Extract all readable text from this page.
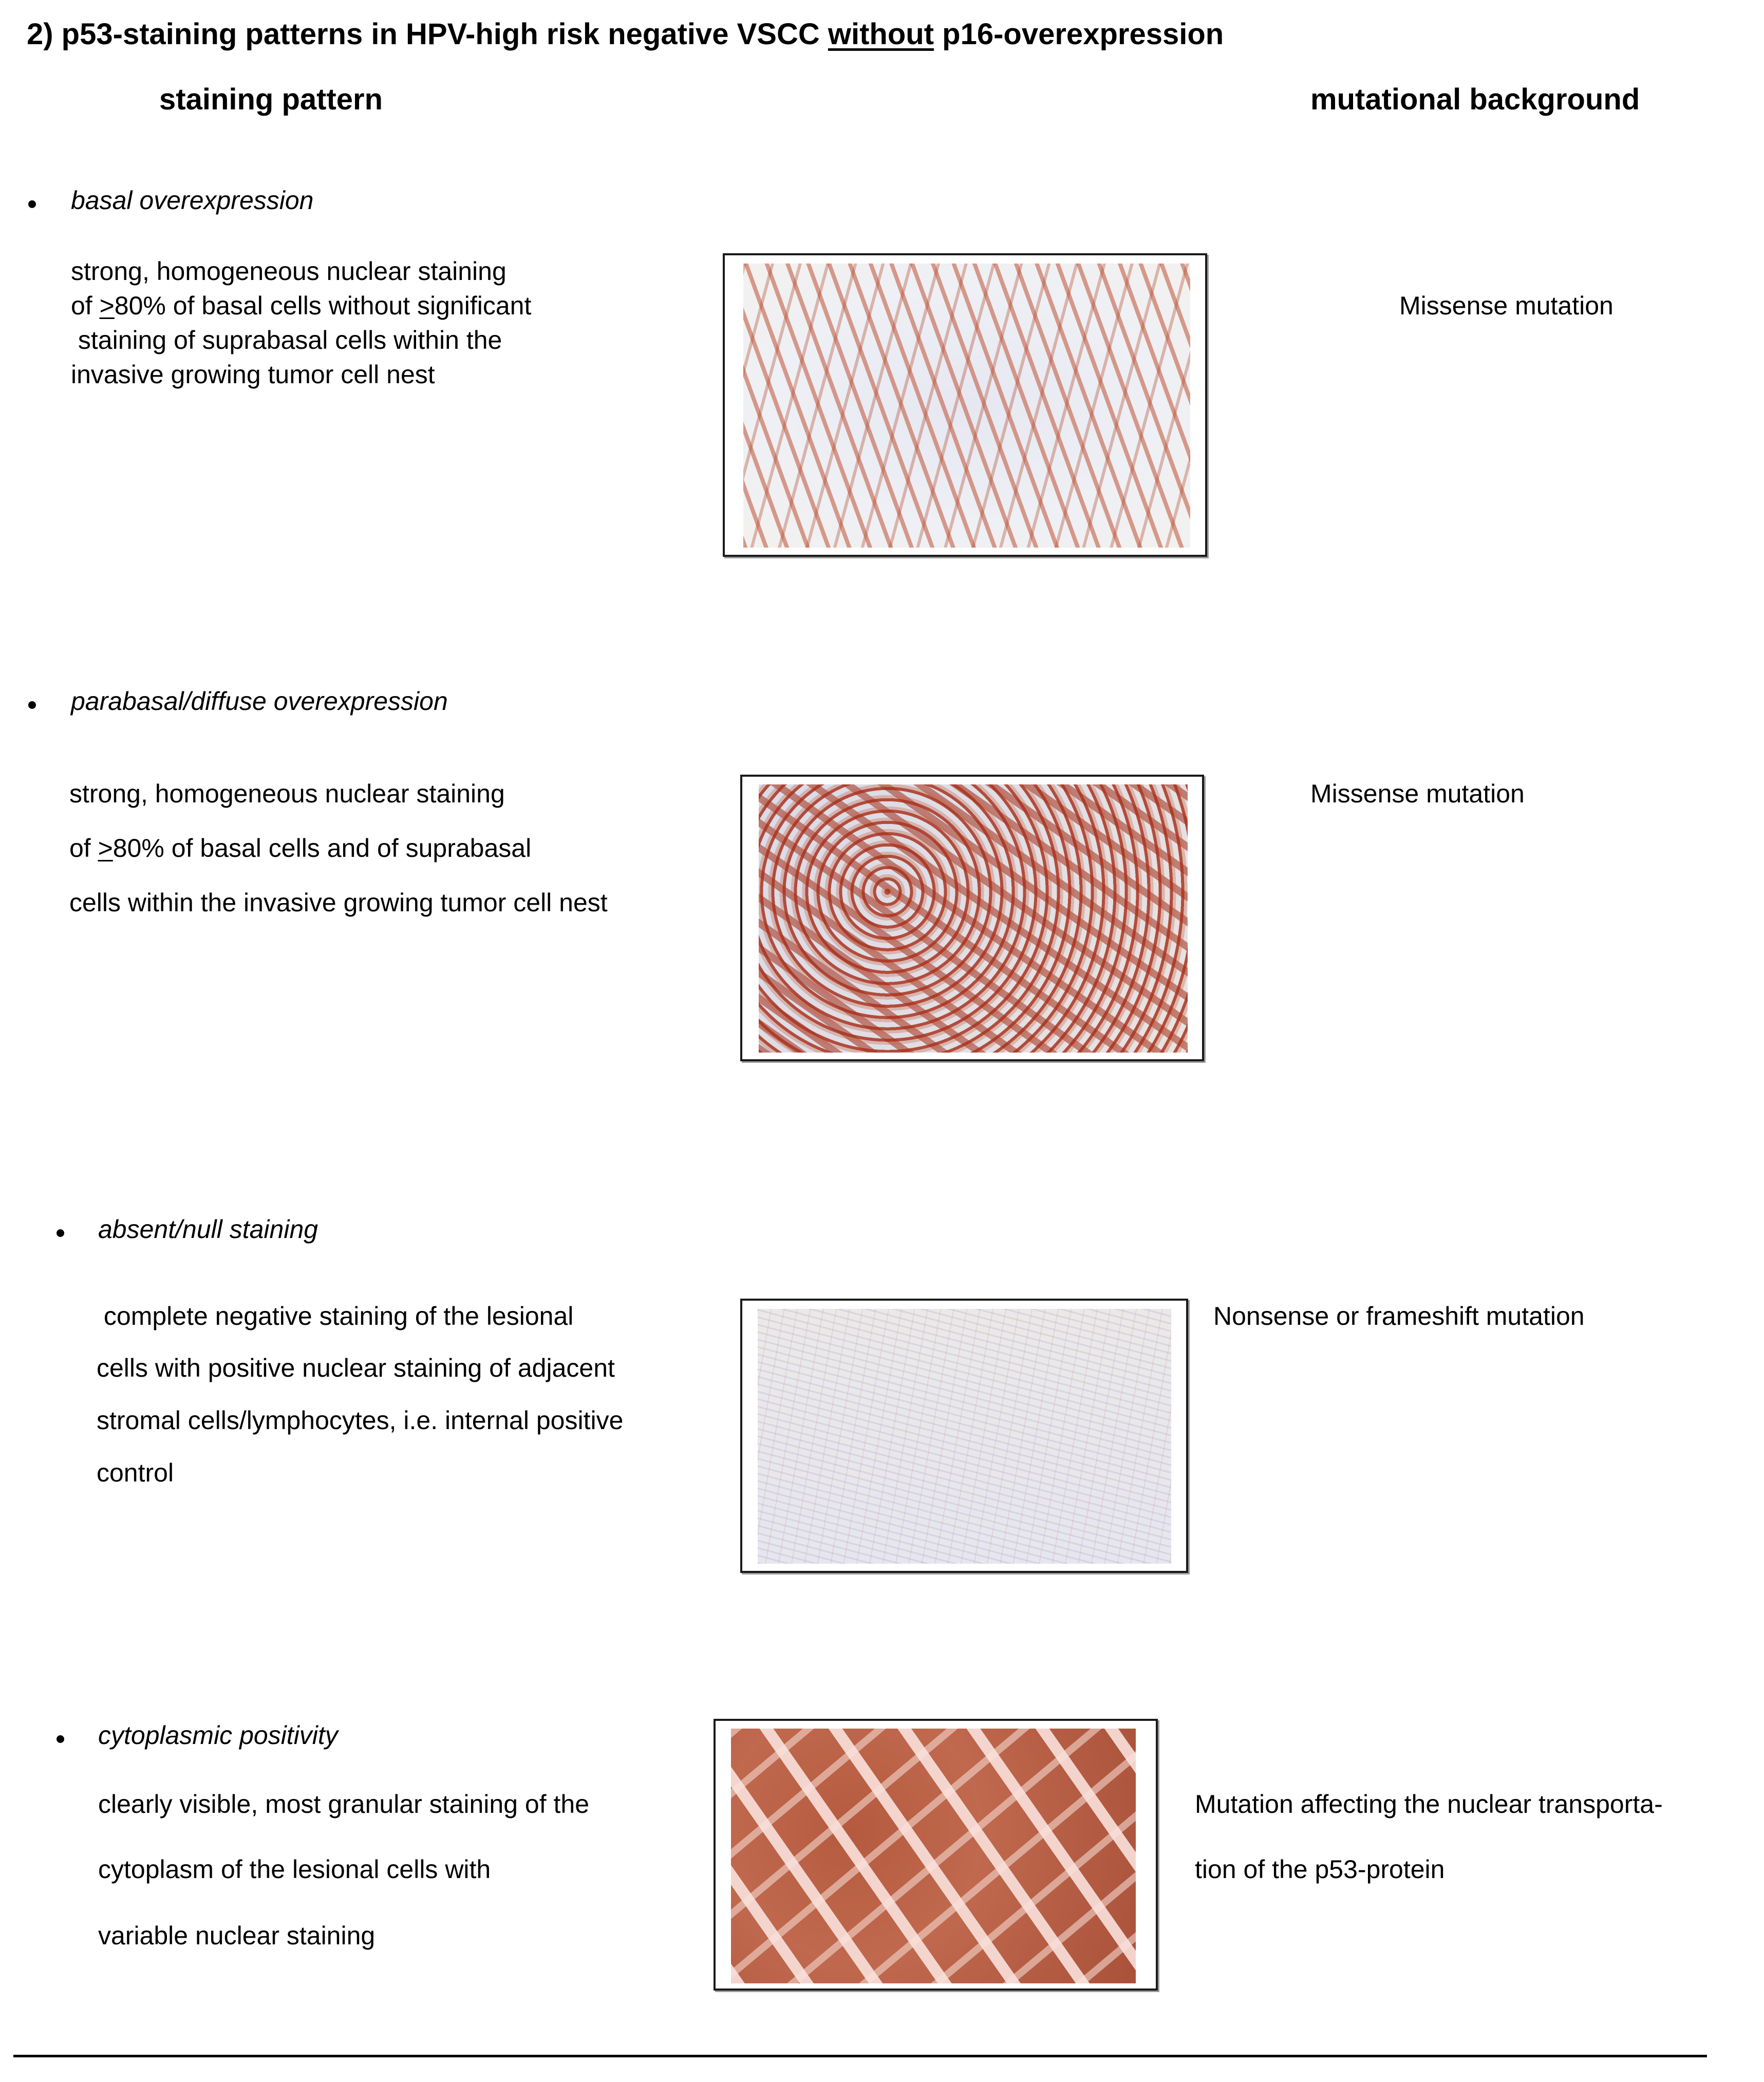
2) p53-staining patterns in HPV-high risk negative VSCC without p16-overexpression
staining pattern	mutational background
basal overexpression
strong, homogeneous nuclear staining
of ≥80% of basal cells without significant
staining of suprabasal cells within the
invasive growing tumor cell nest
Missense mutation
parabasal/diffuse overexpression
strong, homogeneous nuclear staining
of ≥80% of basal cells and of suprabasal
cells within the invasive growing tumor cell nest
Missense mutation
absent/null staining
complete negative staining of the lesional
cells with positive nuclear staining of adjacent
stromal cells/lymphocytes, i.e. internal positive
control
Nonsense or frameshift mutation
cytoplasmic positivity
clearly visible, most granular staining of the
cytoplasm of the lesional cells with
variable nuclear staining
Mutation affecting the nuclear transporta-
tion of the p53-protein
